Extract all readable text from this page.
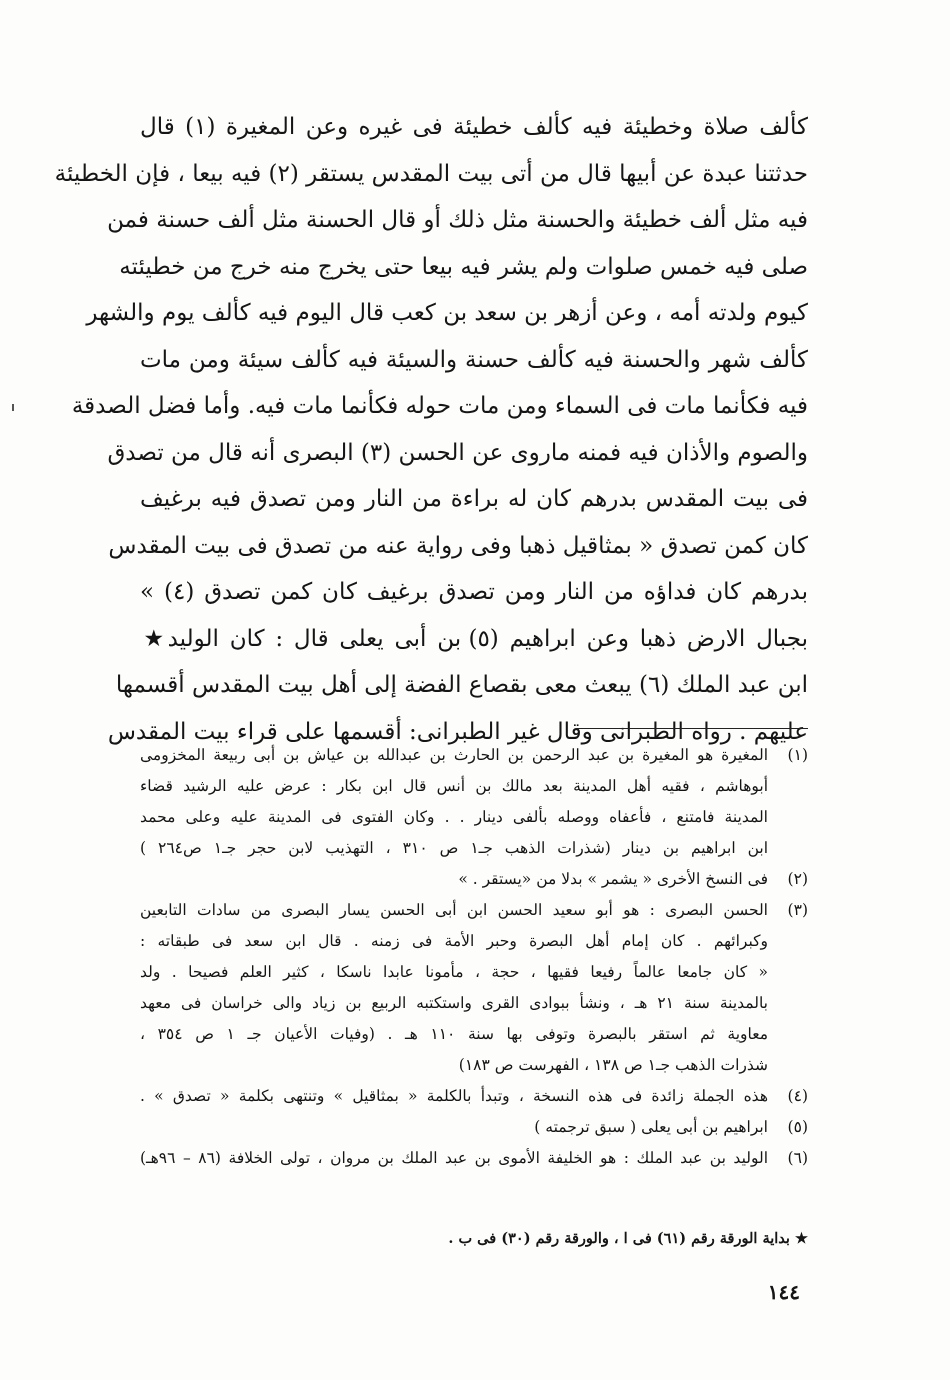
كألف صلاة وخطيئة فيه كألف خطيئة فى غيره وعن المغيرة (١) قال
حدثتنا عبدة عن أبيها قال من أتى بيت المقدس يستقر (٢) فيه بيعا ، فإن الخطيئة
فيه مثل ألف خطيئة والحسنة مثل ذلك أو قال الحسنة مثل ألف حسنة فمن
صلى فيه خمس صلوات ولم يشر فيه بيعا حتى يخرج منه خرج من خطيئته
كيوم ولدته أمه ، وعن أزهر بن سعد بن كعب قال اليوم فيه كألف يوم والشهر
كألف شهر والحسنة فيه كألف حسنة والسيئة فيه كألف سيئة ومن مات
فيه فكأنما مات فى السماء ومن مات حوله فكأنما مات فيه. وأما فضل الصدقة
والصوم والأذان فيه فمنه ماروى عن الحسن (٣) البصرى أنه قال من تصدق
فى بيت المقدس بدرهم كان له براءة من النار ومن تصدق فيه برغيف
كان كمن تصدق « بمثاقيل ذهبا وفى رواية عنه من تصدق فى بيت المقدس
بدرهم كان فداؤه من النار ومن تصدق برغيف كان كمن تصدق (٤) »
بجبال الارض ذهبا وعن ابراهيم (٥) بن أبى يعلى قال : كان الوليد★
ابن عبد الملك (٦) يبعث معى بقصاع الفضة إلى أهل بيت المقدس أقسمها
عليهم . رواه الطبرانى وقال غير الطبرانى: أقسمها على قراء بيت المقدس
(١)
المغيرة هو المغيرة بن عبد الرحمن بن الحارث بن عبدالله بن عياش بن أبى ربيعة المخزومى
أبوهاشم ، فقيه أهل المدينة بعد مالك بن أنس قال ابن بكار : عرض عليه الرشيد قضاء
المدينة فامتنع ، فأعفاه ووصله بألفى دينار . . وكان الفتوى فى المدينة عليه وعلى محمد
ابن ابراهيم بن دينار (شذرات الذهب جـ١ ص ٣١٠ ، التهذيب لابن حجر جـ١ ص٢٦٤ )
(٢)
فى النسخ الأخرى « يشمر » بدلا من «يستقر . »
(٣)
الحسن البصرى : هو أبو سعيد الحسن ابن أبى الحسن يسار البصرى من سادات التابعين
وكبرائهم . كان إمام أهل البصرة وحبر الأمة فى زمنه . قال ابن سعد فى طبقاته :
« كان جامعا عالماً رفيعا فقيها ، حجة ، مأمونا عابدا ناسكا ، كثير العلم فصيحا . ولد
بالمدينة سنة ٢١ هـ ، ونشأ ببوادى القرى واستكتبه الربيع بن زياد والى خراسان فى معهد
معاوية ثم استقر بالبصرة وتوفى بها سنة ١١٠ هـ . (وفيات الأعيان جـ ١ ص ٣٥٤ ،
شذرات الذهب جـ١ ص ١٣٨ ، الفهرست ص ١٨٣)
(٤)
هذه الجملة زائدة فى هذه النسخة ، وتبدأ بالكلمة « بمثاقيل » وتنتهى بكلمة « تصدق » .
(٥)
ابراهيم بن أبى يعلى ( سبق ترجمته )
(٦)
الوليد بن عبد الملك : هو الخليفة الأموى بن عبد الملك بن مروان ، تولى الخلافة (٨٦ – ٩٦هـ)
★ بداية الورقة رقم (٦١) فى ا ، والورقة رقم (٣٠) فى ب .
١٤٤
